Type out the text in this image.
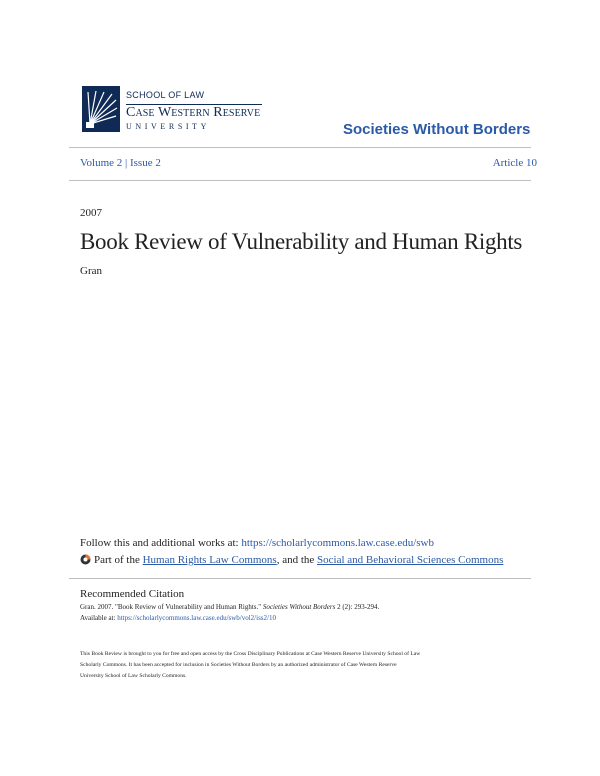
SCHOOL OF LAW
Case Western Reserve
UNIVERSITY	Societies Without Borders
Volume 2 | Issue 2	Article 10
2007
Book Review of Vulnerability and Human Rights
Gran
Follow this and additional works at: https://scholarlycommons.law.case.edu/swb
Part of the Human Rights Law Commons, and the Social and Behavioral Sciences Commons
Recommended Citation
Gran. 2007. "Book Review of Vulnerability and Human Rights." Societies Without Borders 2 (2): 293-294.
Available at: https://scholarlycommons.law.case.edu/swb/vol2/iss2/10
This Book Review is brought to you for free and open access by the Cross Disciplinary Publications at Case Western Reserve University School of Law
Scholarly Commons. It has been accepted for inclusion in Societies Without Borders by an authorized administrator of Case Western Reserve
University School of Law Scholarly Commons.
